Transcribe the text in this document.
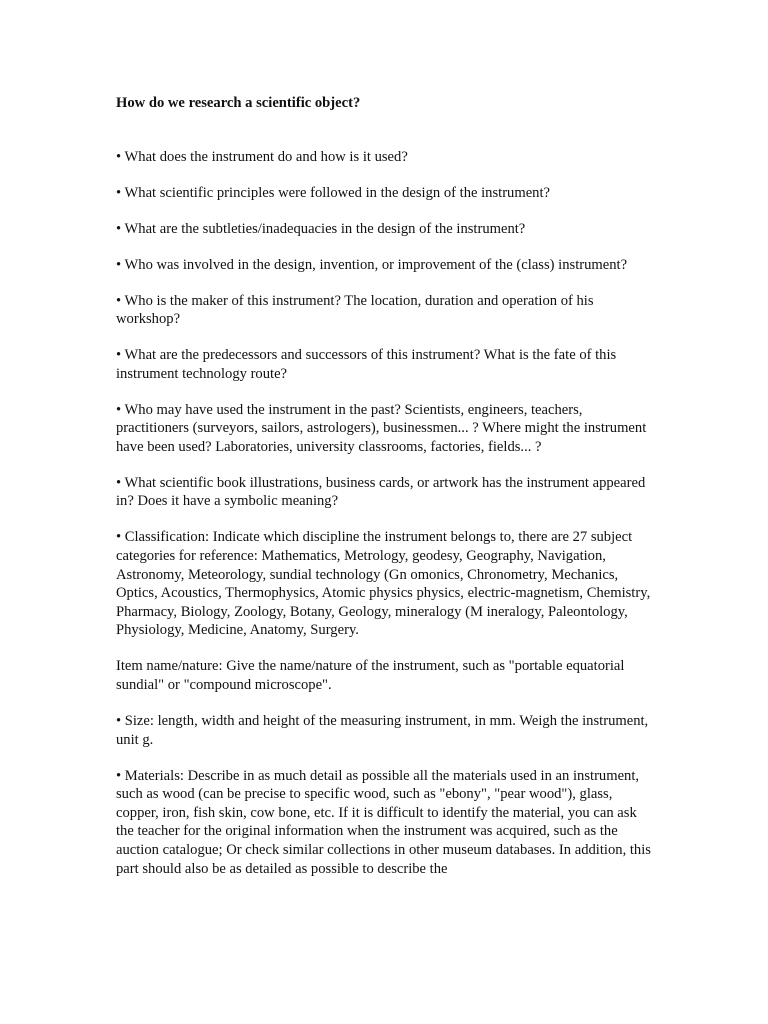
How do we research a scientific object?

• What does the instrument do and how is it used?

• What scientific principles were followed in the design of the instrument?

• What are the subtleties/inadequacies in the design of the instrument?

• Who was involved in the design, invention, or improvement of the (class) instrument?

• Who is the maker of this instrument? The location, duration and operation of his workshop?

• What are the predecessors and successors of this instrument? What is the fate of this instrument technology route?

• Who may have used the instrument in the past? Scientists, engineers, teachers, practitioners (surveyors, sailors, astrologers), businessmen... ? Where might the instrument have been used? Laboratories, university classrooms, factories, fields... ?

• What scientific book illustrations, business cards, or artwork has the instrument appeared in? Does it have a symbolic meaning?

• Classification: Indicate which discipline the instrument belongs to, there are 27 subject categories for reference: Mathematics, Metrology, geodesy, Geography, Navigation, Astronomy, Meteorology, sundial technology (Gn omonics, Chronometry, Mechanics, Optics, Acoustics, Thermophysics, Atomic physics physics, electric-magnetism, Chemistry, Pharmacy, Biology, Zoology, Botany, Geology, mineralogy (M ineralogy, Paleontology, Physiology, Medicine, Anatomy, Surgery.

Item name/nature: Give the name/nature of the instrument, such as "portable equatorial sundial" or "compound microscope".

• Size: length, width and height of the measuring instrument, in mm. Weigh the instrument, unit g.

• Materials: Describe in as much detail as possible all the materials used in an instrument, such as wood (can be precise to specific wood, such as "ebony", "pear wood"), glass, copper, iron, fish skin, cow bone, etc. If it is difficult to identify the material, you can ask the teacher for the original information when the instrument was acquired, such as the auction catalogue; Or check similar collections in other museum databases. In addition, this part should also be as detailed as possible to describe the
